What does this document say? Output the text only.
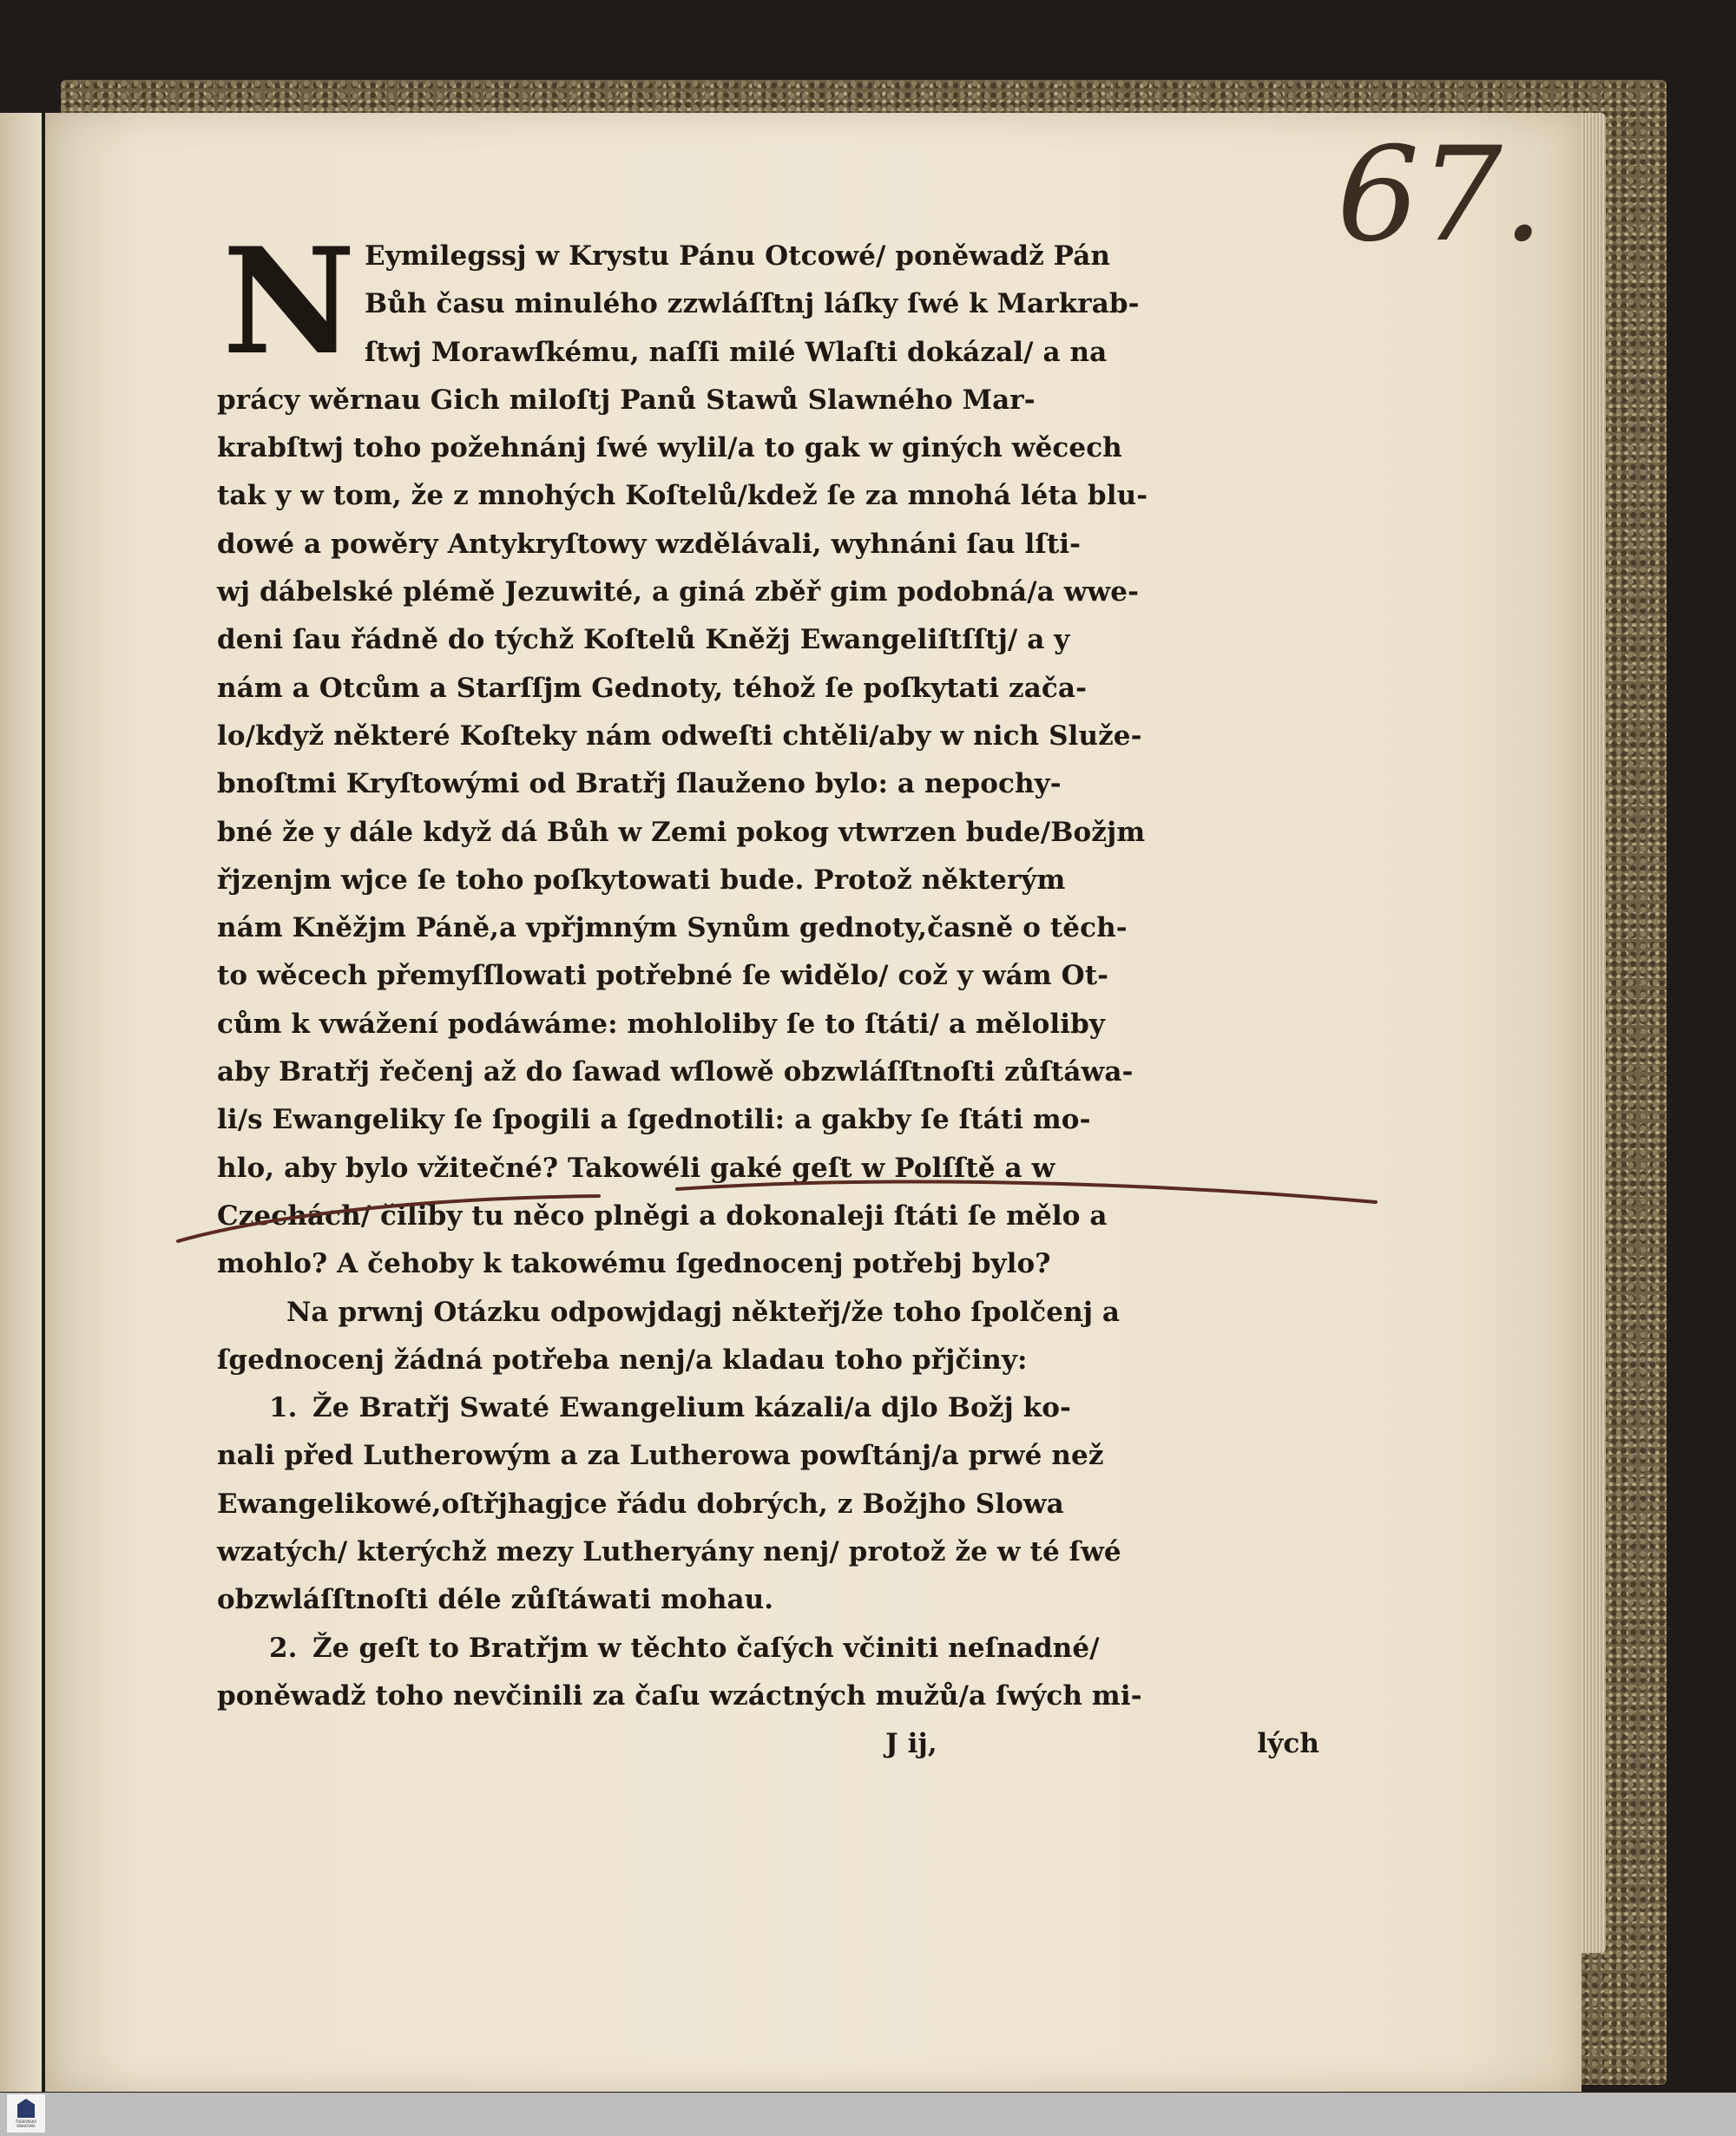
67.

N Eymilegssj w Krystu Pánu Otcowé/ poněwadž Pán
Bůh času minulého zzwláſſtnj láſky ſwé k Markrab-
ſtwj Morawſkému, naſſi milé Wlaſti dokázal/ a na
prácy wěrnau Gich miloſtj Panů Stawů Slawného Mar-
krabſtwj toho požehnánj ſwé wylil/a to gak w giných wěcech
tak y w tom, že z mnohých Koſtelů/kdež ſe za mnohá léta blu-
dowé a powěry Antykryſtowy wzdělávali, wyhnáni ſau lſti-
wj dábelské plémě Jezuwité, a giná zběř gim podobná/a wwe-
deni ſau řádně do týchž Koſtelů Kněžj Ewangeliſtſſtj/ a y
nám a Otcům a Starſſjm Gednoty, téhož ſe poſkytati zača-
lo/když některé Koſteky nám odweſti chtěli/aby w nich Služe-
bnoſtmi Kryſtowými od Bratřj ſlauženo bylo: a nepochy-
bné že y dále když dá Bůh w Zemi pokog vtwrzen bude/Božjm
řjzenjm wjce ſe toho poſkytowati bude. Protož některým
nám Kněžjm Páně,a vpřjmným Synům gednoty,časně o těch-
to wěcech přemyſſlowati potřebné ſe widělo/ což y wám Ot-
cům k vwážení podáwáme: mohloliby ſe to ſtáti/ a měloliby
aby Bratřj řečenj až do ſawad wſlowě obzwláſſtnoſti zůſtáwa-
li/s Ewangeliky ſe ſpogili a ſgednotili: a gakby ſe ſtáti mo-
hlo, aby bylo vžitečné? Takowéli gaké geſt w Polſſtě a w
Czechách/ čiliby tu něco plněgi a dokonaleji ſtáti ſe mělo a
mohlo? A čehoby k takowému ſgednocenj potřebj bylo?
Na prwnj Otázku odpowjdagj někteřj/že toho ſpolčenj a
ſgednocenj žádná potřeba nenj/a kladau toho přjčiny:
1. Že Bratřj Swaté Ewangelium kázali/a djlo Božj ko-
nali před Lutherowým a za Lutherowa powſtánj/a prwé než
Ewangelikowé,oſtřjhagjce řádu dobrých, z Božjho Slowa
wzatých/ kterýchž mezy Lutheryány nenj/ protož že w té ſwé
obzwláſſtnoſti déle zůſtáwati mohau.
2. Že geſt to Bratřjm w těchto čaſých včiniti neſnadné/
poněwadž toho nevčinili za čaſu wzáctných mužů/a ſwých mi-
J ij,	lých
TREBOŇSKÁ KNIHOVNA
